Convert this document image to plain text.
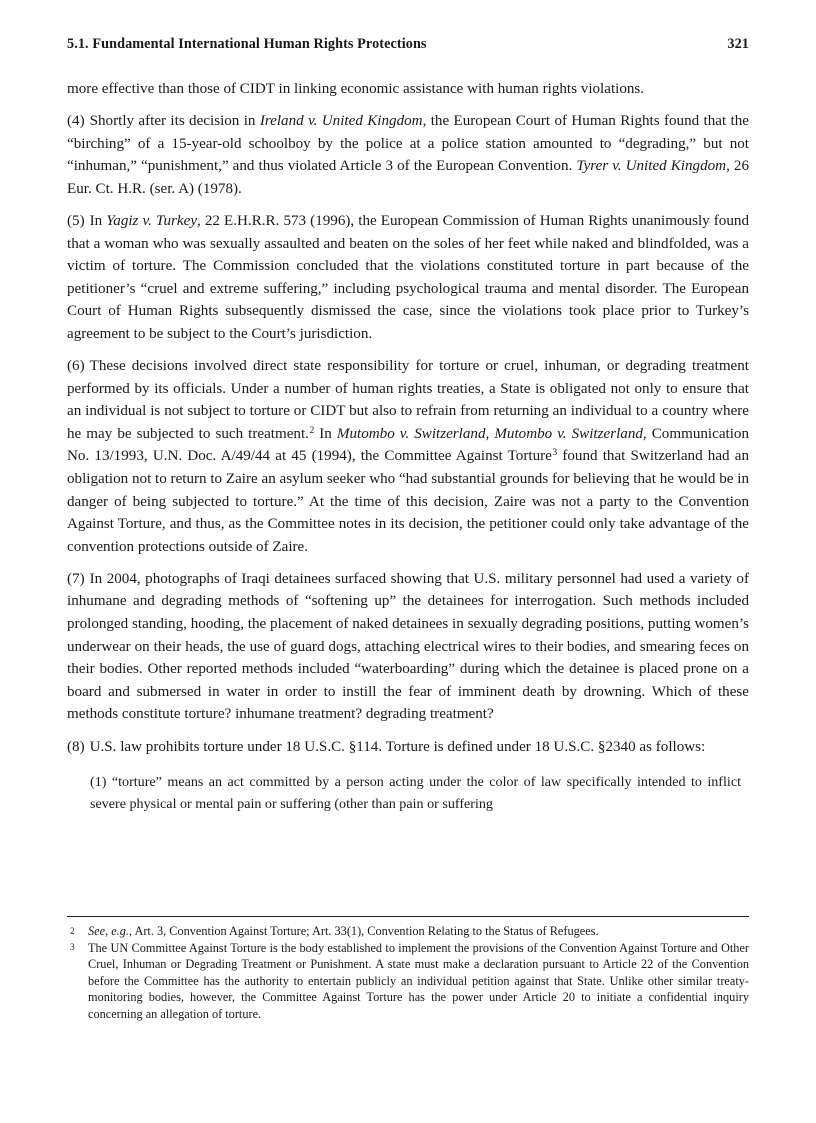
5.1. Fundamental International Human Rights Protections	321

more effective than those of CIDT in linking economic assistance with human rights violations.

(4) Shortly after its decision in Ireland v. United Kingdom, the European Court of Human Rights found that the “birching” of a 15-year-old schoolboy by the police at a police station amounted to “degrading,” but not “inhuman,” “punishment,” and thus violated Article 3 of the European Convention. Tyrer v. United Kingdom, 26 Eur. Ct. H.R. (ser. A) (1978).

(5) In Yagiz v. Turkey, 22 E.H.R.R. 573 (1996), the European Commission of Human Rights unanimously found that a woman who was sexually assaulted and beaten on the soles of her feet while naked and blindfolded, was a victim of torture. The Commission concluded that the violations constituted torture in part because of the petitioner’s “cruel and extreme suffering,” including psychological trauma and mental disorder. The European Court of Human Rights subsequently dismissed the case, since the violations took place prior to Turkey’s agreement to be subject to the Court’s jurisdiction.

(6) These decisions involved direct state responsibility for torture or cruel, inhuman, or degrading treatment performed by its officials. Under a number of human rights treaties, a State is obligated not only to ensure that an individual is not subject to torture or CIDT but also to refrain from returning an individual to a country where he may be subjected to such treatment.$^2$ In Mutombo v. Switzerland, Mutombo v. Switzerland, Communication No. 13/1993, U.N. Doc. A/49/44 at 45 (1994), the Committee Against Torture$^3$ found that Switzerland had an obligation not to return to Zaire an asylum seeker who “had substantial grounds for believing that he would be in danger of being subjected to torture.” At the time of this decision, Zaire was not a party to the Convention Against Torture, and thus, as the Committee notes in its decision, the petitioner could only take advantage of the convention protections outside of Zaire.

(7) In 2004, photographs of Iraqi detainees surfaced showing that U.S. military personnel had used a variety of inhumane and degrading methods of “softening up” the detainees for interrogation. Such methods included prolonged standing, hooding, the placement of naked detainees in sexually degrading positions, putting women’s underwear on their heads, the use of guard dogs, attaching electrical wires to their bodies, and smearing feces on their bodies. Other reported methods included “waterboarding” during which the detainee is placed prone on a board and submersed in water in order to instill the fear of imminent death by drowning. Which of these methods constitute torture? inhumane treatment? degrading treatment?

(8) U.S. law prohibits torture under 18 U.S.C. §114. Torture is defined under 18 U.S.C. §2340 as follows:

(1) “torture” means an act committed by a person acting under the color of law specifically intended to inflict severe physical or mental pain or suffering (other than pain or suffering

2 See, e.g., Art. 3, Convention Against Torture; Art. 33(1), Convention Relating to the Status of Refugees.
3 The UN Committee Against Torture is the body established to implement the provisions of the Convention Against Torture and Other Cruel, Inhuman or Degrading Treatment or Punishment. A state must make a declaration pursuant to Article 22 of the Convention before the Committee has the authority to entertain publicly an individual petition against that State. Unlike other similar treaty-monitoring bodies, however, the Committee Against Torture has the power under Article 20 to initiate a confidential inquiry concerning an allegation of torture.
